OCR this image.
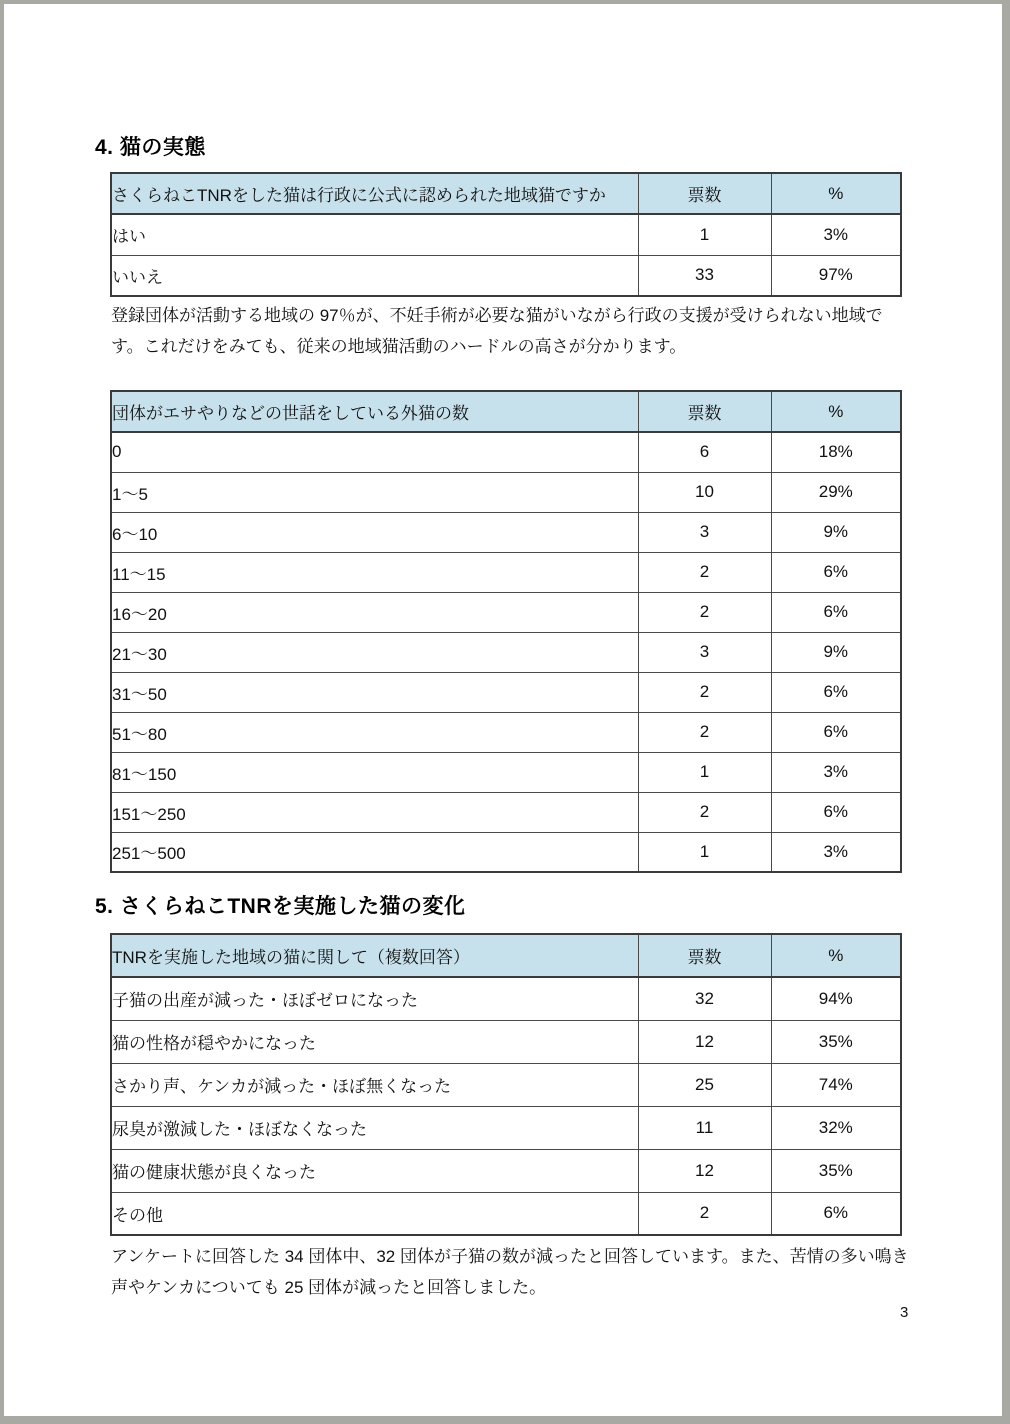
4. 猫の実態
さくらねこTNRをした猫は行政に公式に認められた地域猫ですか	票数	%
はい	1	3%
いいえ	33	97%
登録団体が活動する地域の 97％が、不妊手術が必要な猫がいながら行政の支援が受けられない地域です。これだけをみても、従来の地域猫活動のハードルの高さが分かります。
団体がエサやりなどの世話をしている外猫の数	票数	%
0	6	18%
1～5	10	29%
6～10	3	9%
11～15	2	6%
16～20	2	6%
21～30	3	9%
31～50	2	6%
51～80	2	6%
81～150	1	3%
151～250	2	6%
251～500	1	3%
5. さくらねこTNRを実施した猫の変化
TNRを実施した地域の猫に関して（複数回答）	票数	%
子猫の出産が減った・ほぼゼロになった	32	94%
猫の性格が穏やかになった	12	35%
さかり声、ケンカが減った・ほぼ無くなった	25	74%
尿臭が激減した・ほぼなくなった	11	32%
猫の健康状態が良くなった	12	35%
その他	2	6%
アンケートに回答した 34 団体中、32 団体が子猫の数が減ったと回答しています。また、苦情の多い鳴き声やケンカについても 25 団体が減ったと回答しました。
3
